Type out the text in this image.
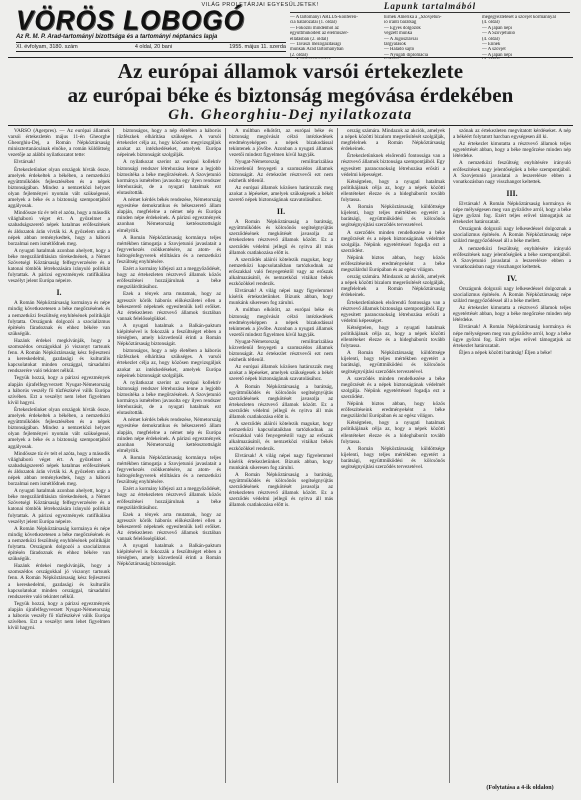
VILÁG PROLETÁRJAI EGYESÜLJETEK!
VÖRÖS LOBOGÓ
Az R. M. P. Arad-tartományi bizottsága és a tartományi néptanács lapja
XI. évfolyam, 3180. szám	4 oldal, 20 bani	1955. május 11. szerda
Lapunk tartalmából
— A tartományi ARLUS-konferen-
cia határozatai (1. oldal)
— Fokozni mindenhol az
együttműködést az élelmiszer-
ellátásban (2. oldal)
— Tavaszi mezőgazdasági
munkák Arad tartományban
(2. oldal)
hírnek Amerika a „Szovjetun-
ió iránti barátság
— Egyes dolgozók
végzett munka
— A Jugoszláviai
tárgyalások
— Haladó sajtó
— Nyugati diplomácia
megegyeztetését a szovjet kormánnyal
(4. oldal)
— A japán népi
— A Szovjetunió
(4. oldal)
— Ennek
— A szovjet
— A japán népi
Az európai államok varsói értekezlete
az európai béke és biztonság megóvása érdekében
Gh. Gheorghiu-Dej nyilatkozata

VARSÓ (Agerpres). — Az európai államok varsói értekezletén május 11-én Gheorghe Gheorghiu-Dej, a Román Népköztársaság minisztertanácsának elnöke, a román küldöttség vezetője az alábbi nyilatkozatot tette:

Elvtársak!

Értekezletünket olyan országok hívták össze, amelyek érdekeltek a békében, a nemzetközi együttműködés fejlesztésében és a népek biztonságában. Mindez a nemzetközi helyzet olyan fejleményei nyomán vált szükségessé, amelyek a béke és a biztonság szempontjából aggályosak.

Mindössze tíz év telt el azóta, hogy a második világháború véget ért. A győzelmet a szabadságszerető népek hatalmas erőfeszítések és áldozatok árán vívták ki. A győzelem után a népek abban reménykedtek, hogy a háború borzalmai nem ismétlődnek meg.

A nyugati hatalmak azonban ahelyett, hogy a béke megszilárdítására törekednének, a Német Szövetségi Köztársaság felfegyverzésére és a katonai tömbök létrehozására irányuló politikát folytattak. A párizsi egyezmények ratifikálása veszélyt jelent Európa népeire.

I.

A Román Népköztársaság kormánya és népe mindig következetesen a béke megőrzésének és a nemzetközi feszültség enyhítésének politikáját folytatta. Országunk dolgozói a szocializmus építésén fáradoznak és ehhez békére van szükségük.

Hazánk érdekei megkívánják, hogy a szomszédos országokkal jó viszonyt tartsunk fenn. A Román Népköztársaság kész fejleszteni a kereskedelmi, gazdasági és kulturális kapcsolatokat minden országgal, társadalmi rendszerére való tekintet nélkül.

Tegyük hozzá, hogy a párizsi egyezmények alapján újrafelfegyverzett Nyugat-Németország a háborús veszély fő tűzfészkévé válik Európa szívében. Ezt a veszélyt nem lehet figyelmen kívül hagyni.

Értekezletünket olyan országok hívták össze, amelyek érdekeltek a békében, a nemzetközi együttműködés fejlesztésében és a népek biztonságában. Mindez a nemzetközi helyzet olyan fejleményei nyomán vált szükségessé, amelyek a béke és a biztonság szempontjából aggályosak.

Mindössze tíz év telt el azóta, hogy a második világháború véget ért. A győzelmet a szabadságszerető népek hatalmas erőfeszítések és áldozatok árán vívták ki. A győzelem után a népek abban reménykedtek, hogy a háború borzalmai nem ismétlődnek meg.

A nyugati hatalmak azonban ahelyett, hogy a béke megszilárdítására törekednének, a Német Szövetségi Köztársaság felfegyverzésére és a katonai tömbök létrehozására irányuló politikát folytattak. A párizsi egyezmények ratifikálása veszélyt jelent Európa népeire.

A Román Népköztársaság kormánya és népe mindig következetesen a béke megőrzésének és a nemzetközi feszültség enyhítésének politikáját folytatta. Országunk dolgozói a szocializmus építésén fáradoznak és ehhez békére van szükségük.

Hazánk érdekei megkívánják, hogy a szomszédos országokkal jó viszonyt tartsunk fenn. A Román Népköztársaság kész fejleszteni a kereskedelmi, gazdasági és kulturális kapcsolatokat minden országgal, társadalmi rendszerére való tekintet nélkül.

Tegyük hozzá, hogy a párizsi egyezmények alapján újrafelfegyverzett Nyugat-Németország a háborús veszély fő tűzfészkévé válik Európa szívében. Ezt a veszélyt nem lehet figyelmen kívül hagyni.

biztonságos, hogy a nép életében a háborús tűzfészkek elhárítása szükséges. A varsói értekezlet célja az, hogy közösen megvizsgáljuk azokat az intézkedéseket, amelyek Európa népeinek biztonságát szolgálják.

A nyilatkozat szerint az európai kollektív biztonsági rendszer létrehozása lenne a legjobb biztosítéka a béke megőrzésének. A Szovjetunió kormánya ismételten javasolta egy ilyen rendszer létrehozását, de a nyugati hatalmak ezt elutasították.

A német kérdés békés rendezése, Németország egyesítése demokratikus és békeszerető állam alapján, megfelelne a német nép és Európa minden népe érdekeinek. A párizsi egyezmények azonban Németország kettéosztottságát elmélyítik.

A Román Népköztársaság kormánya teljes mértékben támogatja a Szovjetunió javaslatait a fegyverkezés csökkentésére, az atom- és hidrogénfegyverek eltiltására és a nemzetközi feszültség enyhítésére.

Ezért a kormány kifejezi azt a meggyőződését, hogy az értekezleten résztvevő államok közös erőfeszítései hozzájárulnak a béke megszilárdításához.

Ezek a tények arra mutatnak, hogy az agresszív körök háborús előkészületei ellen a békeszerető népeknek egyesíteniük kell erőiket. Az értekezleten résztvevő államok tisztában vannak felelősségükkel.

A nyugati hatalmak a Balkán-paktum kiépítésével is fokozzák a feszültséget ebben a térségben, amely közvetlenül érinti a Román Népköztársaság biztonságát.

biztonságos, hogy a nép életében a háborús tűzfészkek elhárítása szükséges. A varsói értekezlet célja az, hogy közösen megvizsgáljuk azokat az intézkedéseket, amelyek Európa népeinek biztonságát szolgálják.

A nyilatkozat szerint az európai kollektív biztonsági rendszer létrehozása lenne a legjobb biztosítéka a béke megőrzésének. A Szovjetunió kormánya ismételten javasolta egy ilyen rendszer létrehozását, de a nyugati hatalmak ezt elutasították.

A német kérdés békés rendezése, Németország egyesítése demokratikus és békeszerető állam alapján, megfelelne a német nép és Európa minden népe érdekeinek. A párizsi egyezmények azonban Németország kettéosztottságát elmélyítik.

A Román Népköztársaság kormánya teljes mértékben támogatja a Szovjetunió javaslatait a fegyverkezés csökkentésére, az atom- és hidrogénfegyverek eltiltására és a nemzetközi feszültség enyhítésére.

Ezért a kormány kifejezi azt a meggyőződését, hogy az értekezleten résztvevő államok közös erőfeszítései hozzájárulnak a béke megszilárdításához.

Ezek a tények arra mutatnak, hogy az agresszív körök háborús előkészületei ellen a békeszerető népeknek egyesíteniük kell erőiket. Az értekezleten résztvevő államok tisztában vannak felelősségükkel.

A nyugati hatalmak a Balkán-paktum kiépítésével is fokozzák a feszültséget ebben a térségben, amely közvetlenül érinti a Román Népköztársaság biztonságát.

A múltban elkötött, az európai béke és biztonság megóvását célzó intézkedések eredményeképpen a népek bizakodással tekintenek a jövőbe. Azonban a nyugati államok vezetői mindezt figyelmen kívül hagyják.

Nyugat-Németország remilitarizálása közvetlenül fenyegeti a szomszédos államok biztonságát. Az értekezlet résztvevői ezt nem nézhetik tétlenül.

Az európai államok közösen határozzák meg azokat a lépéseket, amelyek szükségesek a békét szerető népek biztonságának szavatolásához.

II.

A Román Népköztársaság a barátság, együttműködés és kölcsönös segítségnyújtás szerződésének megkötését javasolja az értekezleten résztvevő államok között. Ez a szerződés védelmi jellegű és nyitva áll más államok csatlakozása előtt is.

A szerződés aláírói kötelezik magukat, hogy nemzetközi kapcsolataikban tartózkodnak az erőszakkal való fenyegetéstől vagy az erőszak alkalmazásától, és nemzetközi vitáikat békés eszközökkel rendezik.

Elvtársak! A világ népei nagy figyelemmel kísérik értekezletünket. Bízunk abban, hogy munkánk sikeresen fog zárulni.

A múltban elkötött, az európai béke és biztonság megóvását célzó intézkedések eredményeképpen a népek bizakodással tekintenek a jövőbe. Azonban a nyugati államok vezetői mindezt figyelmen kívül hagyják.

Nyugat-Németország remilitarizálása közvetlenül fenyegeti a szomszédos államok biztonságát. Az értekezlet résztvevői ezt nem nézhetik tétlenül.

Az európai államok közösen határozzák meg azokat a lépéseket, amelyek szükségesek a békét szerető népek biztonságának szavatolásához.

A Román Népköztársaság a barátság, együttműködés és kölcsönös segítségnyújtás szerződésének megkötését javasolja az értekezleten résztvevő államok között. Ez a szerződés védelmi jellegű és nyitva áll más államok csatlakozása előtt is.

A szerződés aláírói kötelezik magukat, hogy nemzetközi kapcsolataikban tartózkodnak az erőszakkal való fenyegetéstől vagy az erőszak alkalmazásától, és nemzetközi vitáikat békés eszközökkel rendezik.

Elvtársak! A világ népei nagy figyelemmel kísérik értekezletünket. Bízunk abban, hogy munkánk sikeresen fog zárulni.

A Román Népköztársaság a barátság, együttműködés és kölcsönös segítségnyújtás szerződésének megkötését javasolja az értekezleten résztvevő államok között. Ez a szerződés védelmi jellegű és nyitva áll más államok csatlakozása előtt is.

ország számára. Mindazok az akciók, amelyek a népek közötti bizalom megerősítését szolgálják, megfelelnek a Román Népköztársaság érdekeinek.

Értekezletünknek elsőrendű fontossága van a résztvevő államok biztonsága szempontjából. Egy egyesített parancsnokság létrehozása erősíti a védelmi képességet.

Kétségtelen, hogy a nyugati hatalmak politikájának célja az, hogy a népek közötti ellentéteket élezze és a hidegháborút tovább folytassa.

A Román Népköztársaság küldöttsége kijelenti, hogy teljes mértékben egyetért a barátsági, együttműködési és kölcsönös segítségnyújtási szerződés tervezetével.

A szerződés minden rendelkezése a béke megőrzését és a népek biztonságának védelmét szolgálja. Népünk egyetértéssel fogadja ezt a szerződést.

Népünk biztos abban, hogy közös erőfeszítéseink eredményeként a béke megszilárdul Európában és az egész világon.

ország számára. Mindazok az akciók, amelyek a népek közötti bizalom megerősítését szolgálják, megfelelnek a Román Népköztársaság érdekeinek.

Értekezletünknek elsőrendű fontossága van a résztvevő államok biztonsága szempontjából. Egy egyesített parancsnokság létrehozása erősíti a védelmi képességet.

Kétségtelen, hogy a nyugati hatalmak politikájának célja az, hogy a népek közötti ellentéteket élezze és a hidegháborút tovább folytassa.

A Román Népköztársaság küldöttsége kijelenti, hogy teljes mértékben egyetért a barátsági, együttműködési és kölcsönös segítségnyújtási szerződés tervezetével.

A szerződés minden rendelkezése a béke megőrzését és a népek biztonságának védelmét szolgálja. Népünk egyetértéssel fogadja ezt a szerződést.

Népünk biztos abban, hogy közös erőfeszítéseink eredményeként a béke megszilárdul Európában és az egész világon.

Kétségtelen, hogy a nyugati hatalmak politikájának célja az, hogy a népek közötti ellentéteket élezze és a hidegháborút tovább folytassa.

A Román Népköztársaság küldöttsége kijelenti, hogy teljes mértékben egyetért a barátsági, együttműködési és kölcsönös segítségnyújtási szerződés tervezetével.

szónak az értekezleten megvitatott kérdéseket. A nép a békéért folytatott harcban egységesen áll ki.

Az értekezlet kimutatta a résztvevő államok teljes egyetértését abban, hogy a béke megőrzése minden nép létérdeke.

A nemzetközi feszültség enyhítésére irányuló erőfeszítések nagy jelentőségűek a béke szempontjából. A Szovjetunió javaslatai a leszerelésre ebben a vonatkozásban nagy visszhangot keltettek.

III.

Elvtársak! A Román Népköztársaság kormánya és népe mélységesen meg van győződve arról, hogy a béke ügye győzni fog. Ezért teljes erővel támogatjuk az értekezlet határozatait.

Országunk dolgozói nagy lelkesedéssel dolgoznak a szocializmus építésén. A Román Népköztársaság népe szilárd meggyőződéssel áll a béke mellett.

A nemzetközi feszültség enyhítésére irányuló erőfeszítések nagy jelentőségűek a béke szempontjából. A Szovjetunió javaslatai a leszerelésre ebben a vonatkozásban nagy visszhangot keltettek.

IV.

Országunk dolgozói nagy lelkesedéssel dolgoznak a szocializmus építésén. A Román Népköztársaság népe szilárd meggyőződéssel áll a béke mellett.

Az értekezlet kimutatta a résztvevő államok teljes egyetértését abban, hogy a béke megőrzése minden nép létérdeke.

Elvtársak! A Román Népköztársaság kormánya és népe mélységesen meg van győződve arról, hogy a béke ügye győzni fog. Ezért teljes erővel támogatjuk az értekezlet határozatait.

Éljen a népek közötti barátság! Éljen a béke!

(Folytatása a 4-ik oldalon)
